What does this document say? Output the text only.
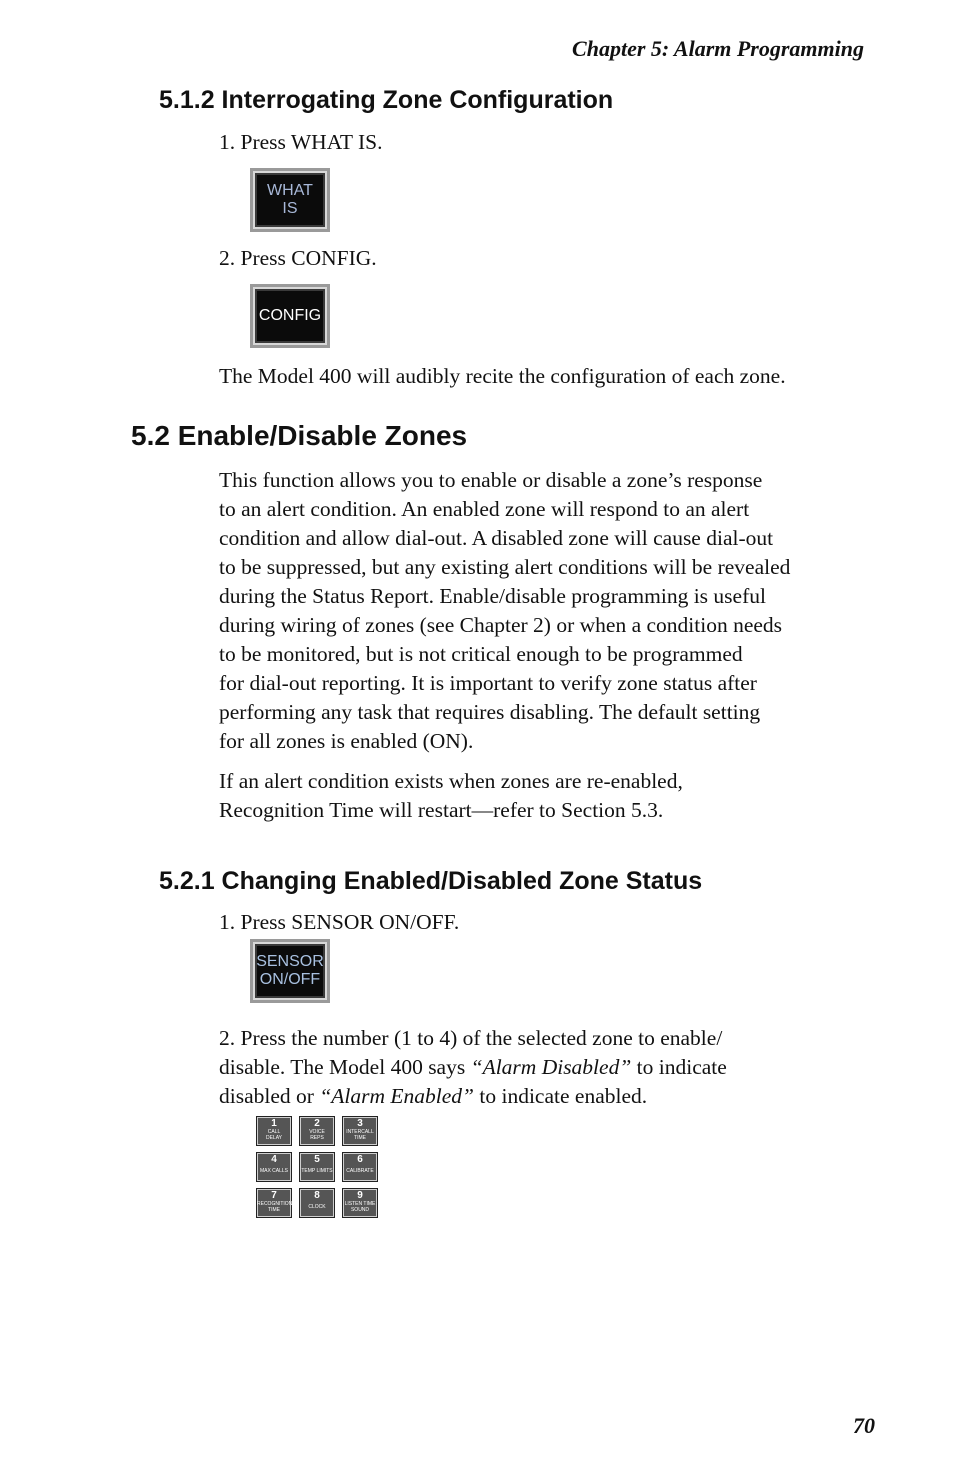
Chapter 5: Alarm Programming
5.1.2 Interrogating Zone Configuration
1. Press WHAT IS.
WHAT
IS
2. Press CONFIG.
CONFIG
The Model 400 will audibly recite the configuration of each zone.
5.2 Enable/Disable Zones
This function allows you to enable or disable a zone’s response
to an alert condition. An enabled zone will respond to an alert
condition and allow dial-out. A disabled zone will cause dial-out
to be suppressed, but any existing alert conditions will be revealed
during the Status Report. Enable/disable programming is useful
during wiring of zones (see Chapter 2) or when a condition needs
to be monitored, but is not critical enough to be programmed
for dial-out reporting. It is important to verify zone status after
performing any task that requires disabling. The default setting
for all zones is enabled (ON).
If an alert condition exists when zones are re-enabled,
Recognition Time will restart—refer to Section 5.3.
5.2.1 Changing Enabled/Disabled Zone Status
1. Press SENSOR ON/OFF.
SENSOR
ON/OFF
2. Press the number (1 to 4) of the selected zone to enable/
disable. The Model 400 says “Alarm Disabled” to indicate
disabled or “Alarm Enabled” to indicate enabled.
1
CALL
DELAY
2
VOICE
REPS
3
INTERCALL
TIME
4
MAX CALLS
5
TEMP LIMITS
6
CALIBRATE
7
RECOGNITION
TIME
8
CLOCK
9
LISTEN TIME
SOUND
70
